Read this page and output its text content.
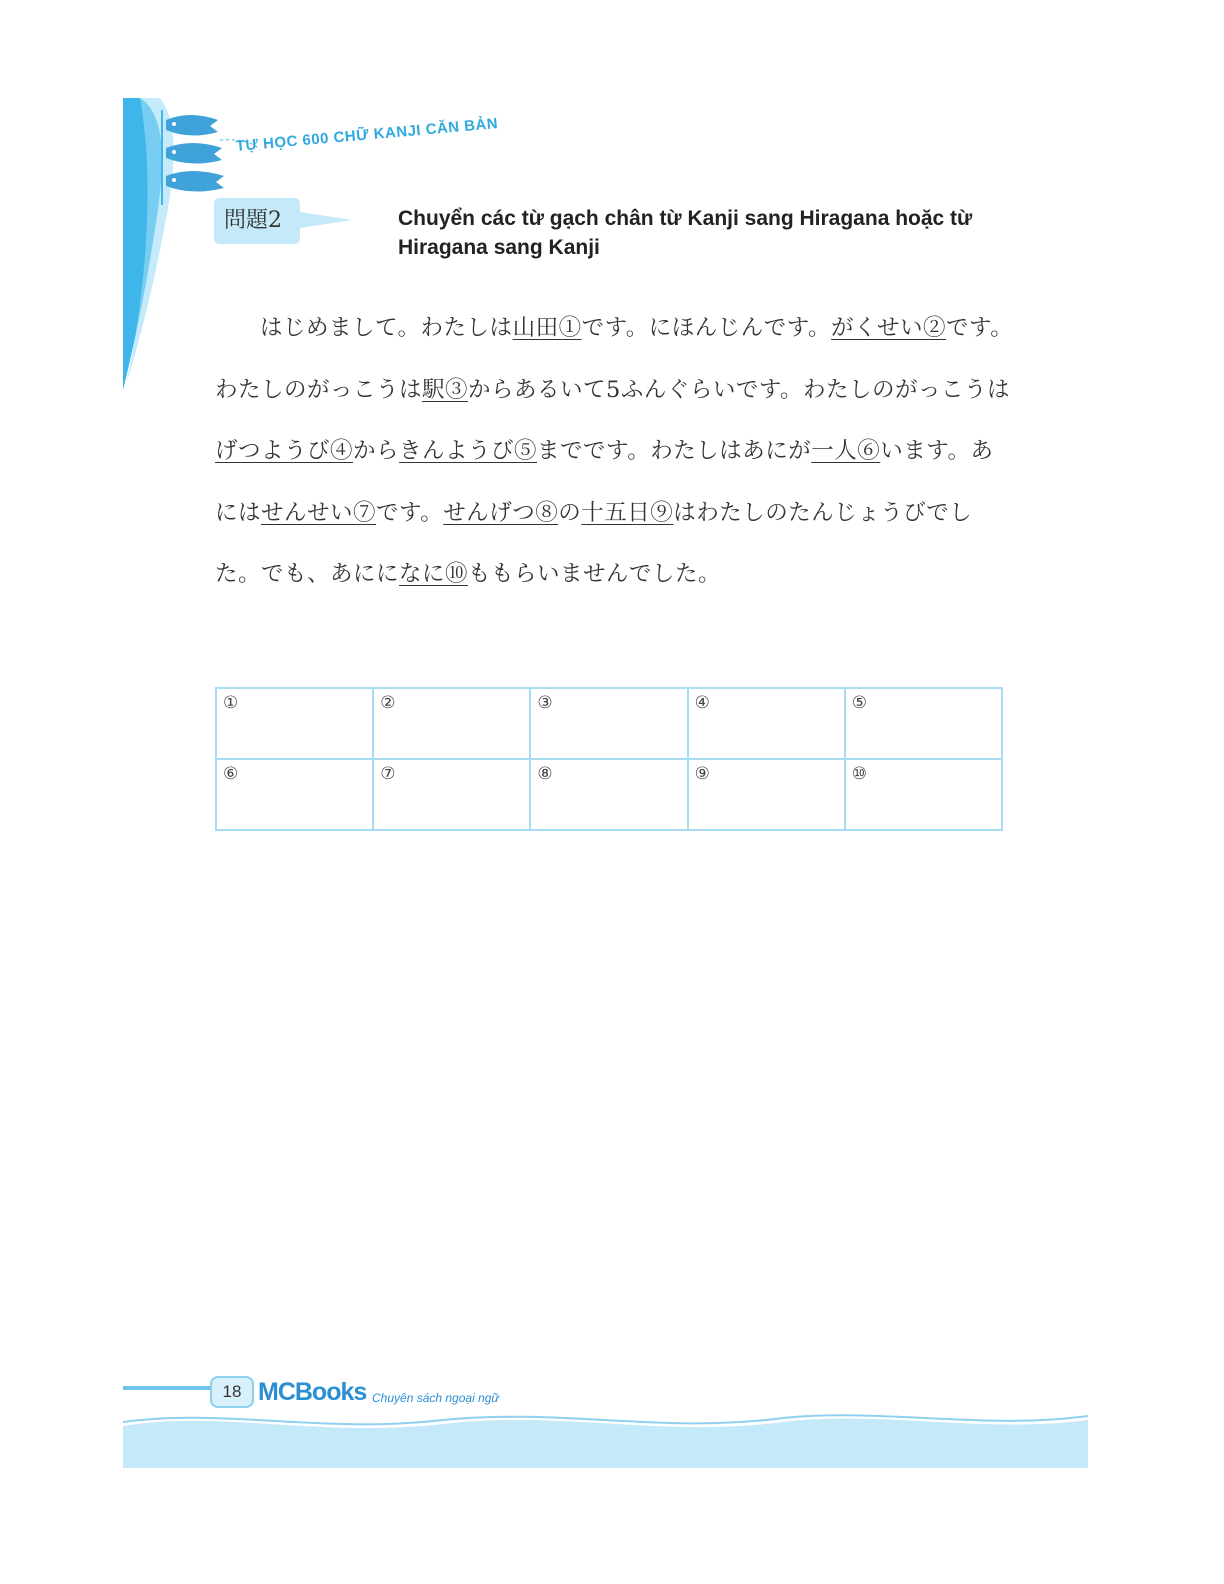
TỰ HỌC 600 CHỮ KANJI CĂN BẢN
問題2	Chuyển các từ gạch chân từ Kanji sang Hiragana hoặc từ Hiragana sang Kanji

はじめまして。わたしは山田①です。にほんじんです。がくせい②です。わたしのがっこうは駅③からあるいて5ふんぐらいです。わたしのがっこうはげつようび④からきんようび⑤までです。わたしはあにが一人⑥います。あにはせんせい⑦です。せんげつ⑧の十五日⑨はわたしのたんじょうびでした。でも、あにになに⑩ももらいませんでした。

①	②	③	④	⑤
⑥	⑦	⑧	⑨	⑩
18 MCBooks Chuyên sách ngoại ngữ
